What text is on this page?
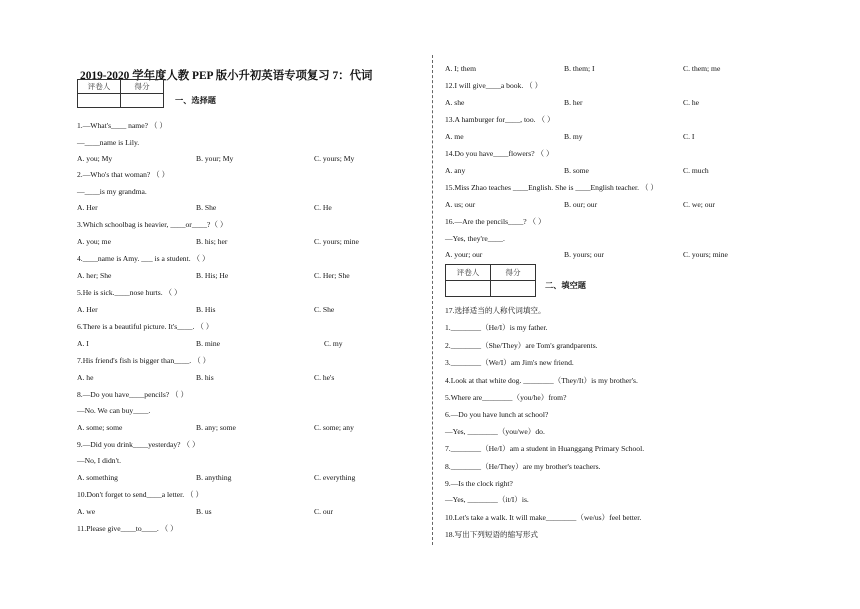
2019-2020 学年度人教 PEP 版小升初英语专项复习 7：代词
评卷人	得分

一、选择题
1.—What's____ name? （ ）
—____name is Lily.
A. you; My	B. your; My	C. yours; My
2.—Who's that woman? （ ）
—____is my grandma.
A. Her	B. She	C. He
3.Which schoolbag is heavier, ____or____?（ ）
A. you; me	B. his; her	C. yours; mine
4.____name is Amy. ___ is a student. （ ）
A. her; She	B. His; He	C. Her; She
5.He is sick.____nose hurts. （ ）
A. Her	B. His	C. She
6.There is a beautiful picture. It's____. （ ）
A. I	B. mine	C. my
7.His friend's fish is bigger than____. （ ）
A. he	B. his	C. he's
8.—Do you have____pencils? （ ）
—No. We can buy____.
A. some; some	B. any; some	C. some; any
9.—Did you drink____yesterday? （ ）
—No, I didn't.
A. something	B. anything	C. everything
10.Don't forget to send____a letter. （ ）
A. we	B. us	C. our
11.Please give____to____. （ ）
A. I; them	B. them; I	C. them; me
12.I will give____a book. （ ）
A. she	B. her	C. he
13.A hamburger for____, too. （ ）
A. me	B. my	C. I
14.Do you have____flowers? （ ）
A. any	B. some	C. much
15.Miss Zhao teaches ____English. She is ____English teacher. （ ）
A. us; our	B. our; our	C. we; our
16.—Are the pencils____? （ ）
—Yes, they're____.
A. your; our	B. yours; our	C. yours; mine
评卷人	得分

二、填空题
17.选择适当的人称代词填空。
1.________（He/I）is my father.
2.________（She/They）are Tom's grandparents.
3.________（We/I）am Jim's new friend.
4.Look at that white dog. ________（They/It）is my brother's.
5.Where are________（you/he）from?
6.—Do you have lunch at school?
—Yes, ________（you/we）do.
7.________（He/I）am a student in Huanggang Primary School.
8.________（He/They）are my brother's teachers.
9.—Is the clock right?
—Yes, ________（it/I）is.
10.Let's take a walk. It will make________（we/us）feel better.
18.写出下列短语的缩写形式
